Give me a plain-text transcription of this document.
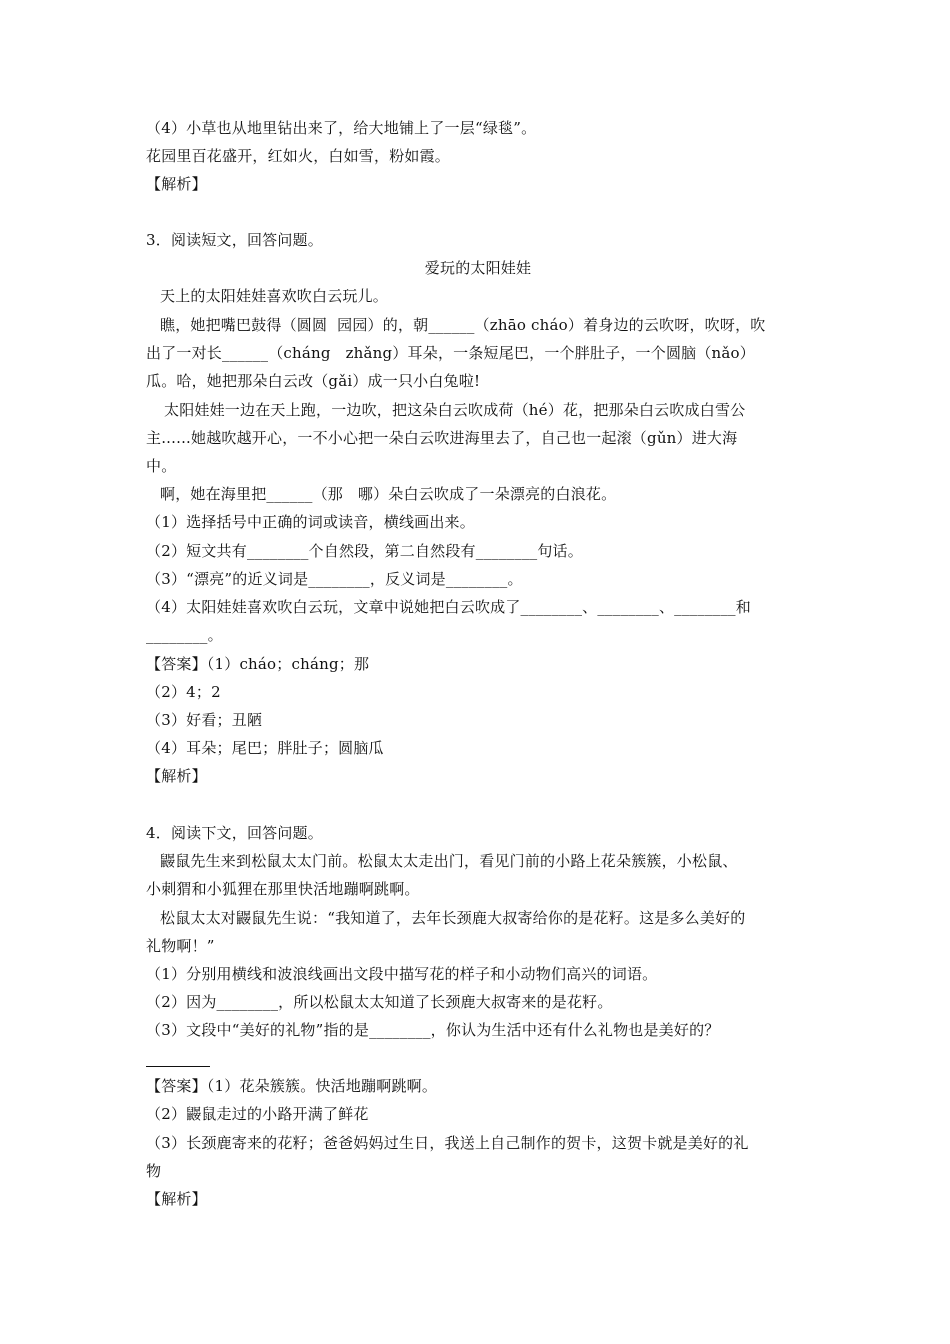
（4）小草也从地里钻出来了，给大地铺上了一层“绿毯”。
花园里百花盛开，红如火，白如雪，粉如霞。
【解析】
3．阅读短文，回答问题。
爱玩的太阳娃娃
天上的太阳娃娃喜欢吹白云玩儿。
瞧，她把嘴巴鼓得（圆圆  园园）的，朝______（zhāo cháo）着身边的云吹呀，吹呀，吹
出了一对长______（cháng   zhǎng）耳朵，一条短尾巴，一个胖肚子，一个圆脑（nǎo）
瓜。哈，她把那朵白云改（gǎi）成一只小白兔啦!
太阳娃娃一边在天上跑，一边吹，把这朵白云吹成荷（hé）花，把那朵白云吹成白雪公
主......她越吹越开心，一不小心把一朵白云吹进海里去了，自己也一起滚（gǔn）进大海
中。
啊，她在海里把______（那   哪）朵白云吹成了一朵漂亮的白浪花。
（1）选择括号中正确的词或读音，横线画出来。
（2）短文共有________个自然段，第二自然段有________句话。
（3）“漂亮”的近义词是________，反义词是________。
（4）太阳娃娃喜欢吹白云玩，文章中说她把白云吹成了________、________、________和
________。
【答案】（1）cháo；cháng；那
（2）4；2
（3）好看；丑陋
（4）耳朵；尾巴；胖肚子；圆脑瓜
【解析】
4．阅读下文，回答问题。
鼹鼠先生来到松鼠太太门前。松鼠太太走出门，看见门前的小路上花朵簇簇，小松鼠、
小刺猬和小狐狸在那里快活地蹦啊跳啊。
松鼠太太对鼹鼠先生说：“我知道了，去年长颈鹿大叔寄给你的是花籽。这是多么美好的
礼物啊！”
（1）分别用横线和波浪线画出文段中描写花的样子和小动物们高兴的词语。
（2）因为________，所以松鼠太太知道了长颈鹿大叔寄来的是花籽。
（3）文段中“美好的礼物”指的是________，你认为生活中还有什么礼物也是美好的？
【答案】（1）花朵簇簇。快活地蹦啊跳啊。
（2）鼹鼠走过的小路开满了鲜花
（3）长颈鹿寄来的花籽；爸爸妈妈过生日，我送上自己制作的贺卡，这贺卡就是美好的礼
物
【解析】
